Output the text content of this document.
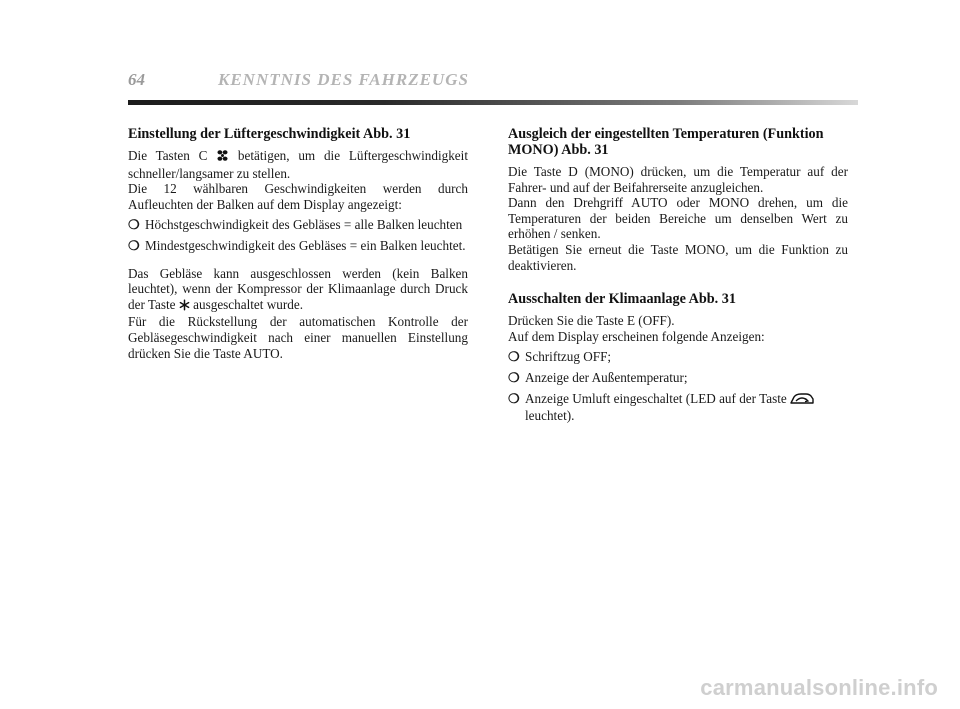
64	KENNTNIS DES FAHRZEUGS
Einstellung der Lüftergeschwindigkeit Abb. 31

Die Tasten C  betätigen, um die Lüftergeschwindigkeit schneller/langsamer zu stellen.

Die 12 wählbaren Geschwindigkeiten werden durch Aufleuchten der Balken auf dem Display angezeigt:

❍ Höchstgeschwindigkeit des Gebläses = alle Balken leuchten
❍ Mindestgeschwindigkeit des Gebläses = ein Balken leuchtet.

Das Gebläse kann ausgeschlossen werden (kein Balken leuchtet), wenn der Kompressor der Klimaanlage durch Druck der Taste  ausgeschaltet wurde.

Für die Rückstellung der automatischen Kontrolle der Gebläsegeschwindigkeit nach einer manuellen Einstellung drücken Sie die Taste AUTO.

Ausgleich der eingestellten Temperaturen (Funktion MONO) Abb. 31

Die Taste D (MONO) drücken, um die Temperatur auf der Fahrer- und auf der Beifahrerseite anzugleichen.

Dann den Drehgriff AUTO oder MONO drehen, um die Temperaturen der beiden Bereiche um denselben Wert zu erhöhen / senken.

Betätigen Sie erneut die Taste MONO, um die Funktion zu deaktivieren.

Ausschalten der Klimaanlage Abb. 31

Drücken Sie die Taste E (OFF).

Auf dem Display erscheinen folgende Anzeigen:

❍ Schriftzug OFF;
❍ Anzeige der Außentemperatur;
❍ Anzeige Umluft eingeschaltet (LED auf der Taste  leuchtet).
carmanualsonline.info
